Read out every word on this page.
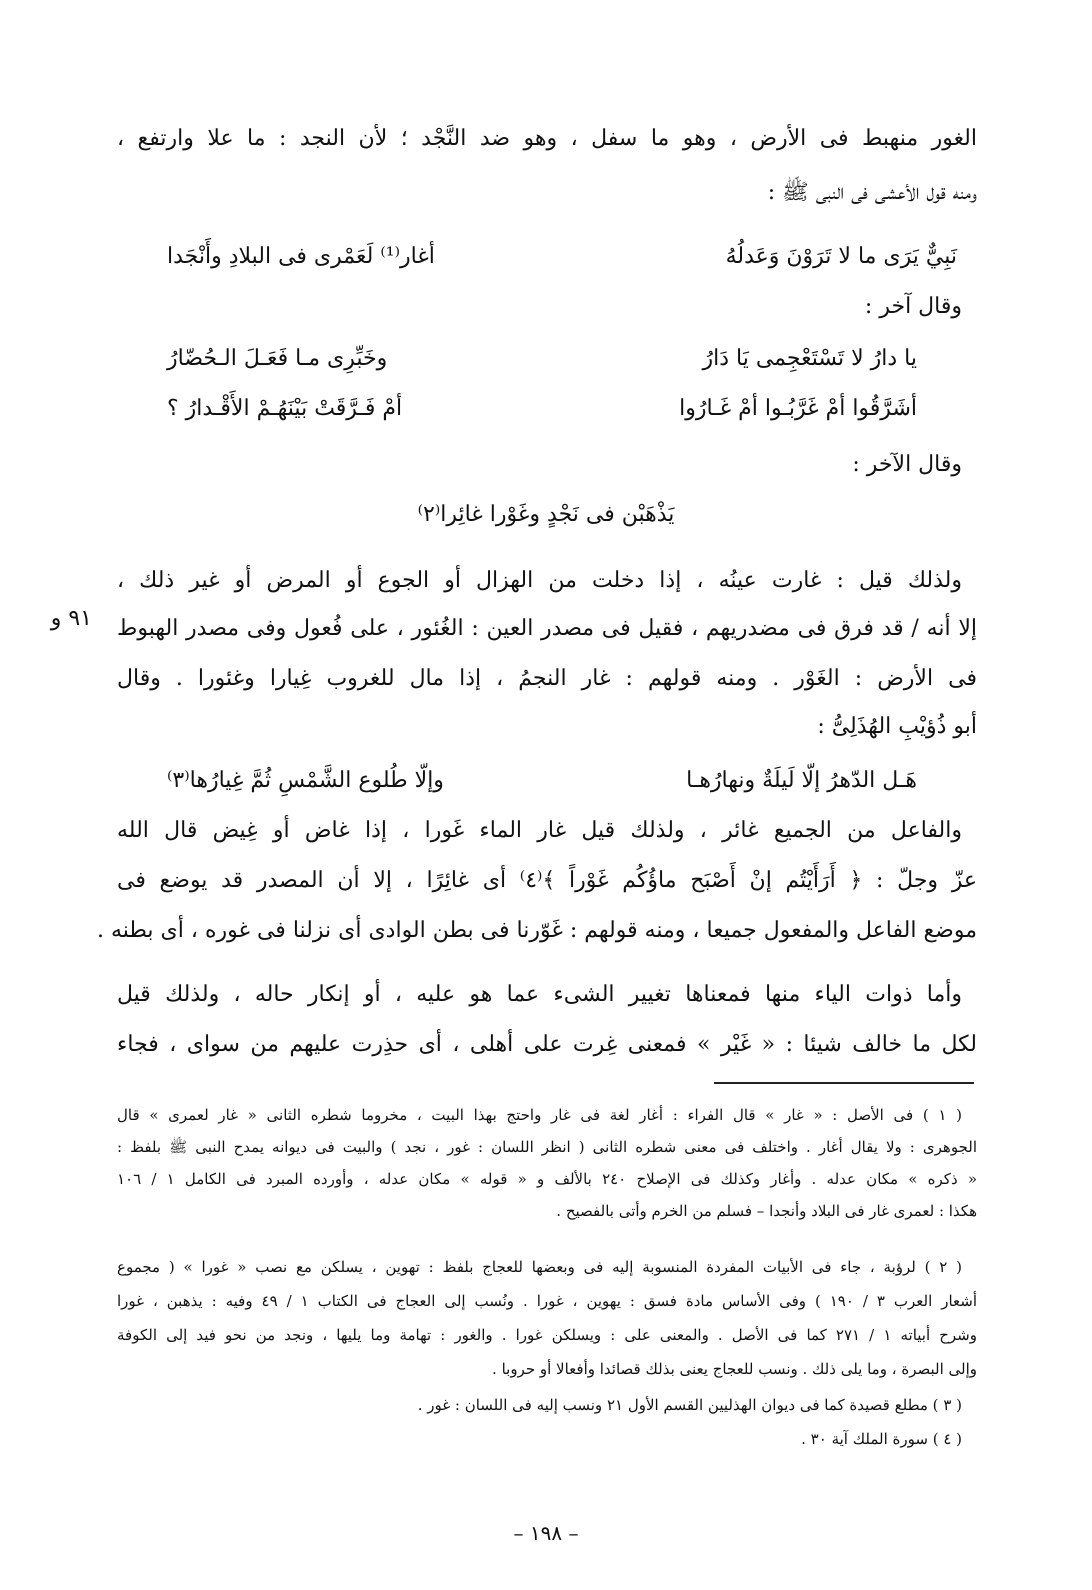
الغور منهبط فى الأرض ، وهو ما سفل ، وهو ضد النَّجْد ؛ لأن النجد : ما علا وارتفع ،
ومنه قول الأعشى فى النبى ﷺ :
نَبِيٌّ يَرَى ما لا تَرَوْنَ وَعَدلُهُ
أغار⁽¹⁾ لَعَمْرى فى البلادِ وأَنْجَدا
وقال آخر :
يا دارُ لا تَسْتَعْجِمى يَا دَارُ
وخَبِّرِى مـا فَعَـلَ الـحُضّارُ
أشَرَّقُوا أمْ غَرَّبُـوا أمْ غَـارُوا
أمْ فَـرَّقَتْ بَيْنَهُـمْ الأَقْـدارُ ؟
وقال الآخر :
يَذْهَبْن فى نَجْدٍ وغَوْرا غائِرا⁽٢⁾
ولذلك قيل : غارت عينُه ، إذا دخلت من الهزال أو الجوع أو المرض أو غير ذلك ،
٩١ و إلا أنه / قد فرق فى مضدريهم ، فقيل فى مصدر العين : الغُئور ، على فُعول وفى مصدر الهبوط
فى الأرض : الغَوْر . ومنه قولهم : غار النجمُ ، إذا مال للغروب غِيارا وغئورا . وقال
أبو ذُؤيْبِ الهُذَلِىُّ :
هَـل الدّهرُ إلّا لَيلَةٌ ونهارُهـا
وإلّا طُلوع الشَّمْسِ ثُمَّ غِيارُها⁽٣⁾
والفاعل من الجميع غائر ، ولذلك قيل غار الماء غَورا ، إذا غاض أو غِيض قال الله
عزّ وجلّ : ﴿ أَرَأَيْتُم إنْ أَصْبَح ماؤُكُم غَوْراً ﴾⁽٤⁾ أى غائِرًا ، إلا أن المصدر قد يوضع فى
موضع الفاعل والمفعول جميعا ، ومنه قولهم : غَوّرنا فى بطن الوادى أى نزلنا فى غوره ، أى بطنه .
وأما ذوات الياء منها فمعناها تغيير الشىء عما هو عليه ، أو إنكار حاله ، ولذلك قيل
لكل ما خالف شيئا : « غَيْر » فمعنى غِرت على أهلى ، أى حذِرت عليهم من سواى ، فجاء
( ١ ) فى الأصل : « غار » قال الفراء : أغار لغة فى غار واحتج بهذا البيت ، مخروما شطره الثانى « غار لعمرى » قال
الجوهرى : ولا يقال أغار . واختلف فى معنى شطره الثانى ( انظر اللسان : غور ، نجد ) والبيت فى ديوانه يمدح النبى ﷺ بلفظ :
« ذكره » مكان عدله . وأغار وكذلك فى الإصلاح ٢٤٠ بالألف و « قوله » مكان عدله ، وأورده المبرد فى الكامل ١ / ١٠٦
هكذا : لعمرى غار فى البلاد وأنجدا – فسلم من الخرم وأتى بالفصيح .
( ٢ ) لرؤبة ، جاء فى الأبيات المفردة المنسوبة إليه فى وبعضها للعجاج بلفظ : تهوين ، يسلكن مع نصب « غورا » ( مجموع
أشعار العرب ٣ / ١٩٠ ) وفى الأساس مادة فسق : يهوين ، غورا . ونُسب إلى العجاج فى الكتاب ١ / ٤٩ وفيه : يذهبن ، غورا
وشرح أبياته ١ / ٢٧١ كما فى الأصل . والمعنى على : ويسلكن غورا . والغور : تهامة وما يليها ، ونجد من نحو فيد إلى الكوفة
وإلى البصرة ، وما يلى ذلك . ونسب للعجاج يعنى بذلك قصائدا وأفعالا أو حروبا .
( ٣ ) مطلع قصيدة كما فى ديوان الهذليين القسم الأول ٢١ ونسب إليه فى اللسان : غور .
( ٤ ) سورة الملك آية ٣٠ .
– ١٩٨ –
